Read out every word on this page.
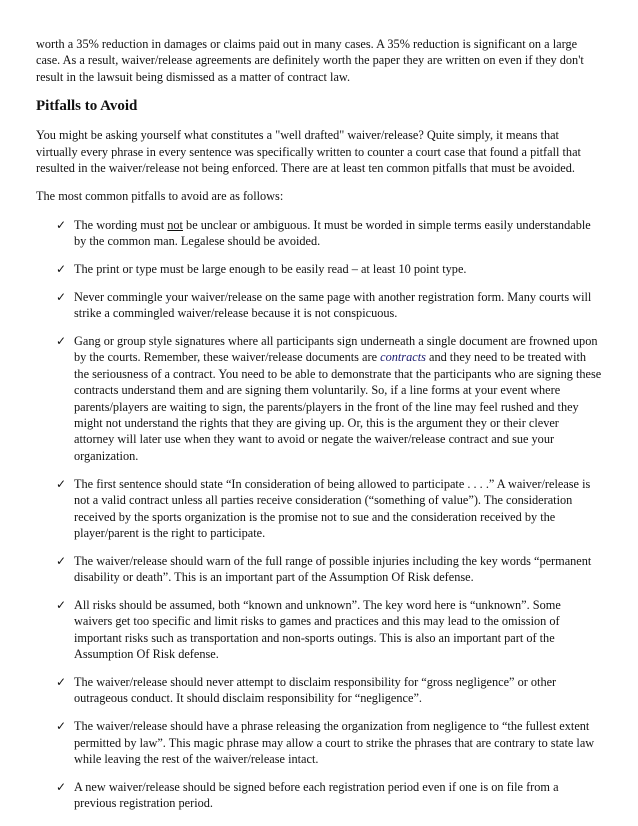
worth a 35% reduction in damages or claims paid out in many cases. A 35% reduction is significant on a large case. As a result, waiver/release agreements are definitely worth the paper they are written on even if they don't result in the lawsuit being dismissed as a matter of contract law.

Pitfalls to Avoid

You might be asking yourself what constitutes a "well drafted" waiver/release? Quite simply, it means that virtually every phrase in every sentence was specifically written to counter a court case that found a pitfall that resulted in the waiver/release not being enforced. There are at least ten common pitfalls that must be avoided.

The most common pitfalls to avoid are as follows:

✓ The wording must not be unclear or ambiguous. It must be worded in simple terms easily understandable by the common man. Legalese should be avoided.
✓ The print or type must be large enough to be easily read – at least 10 point type.
✓ Never commingle your waiver/release on the same page with another registration form. Many courts will strike a commingled waiver/release because it is not conspicuous.
✓ Gang or group style signatures where all participants sign underneath a single document are frowned upon by the courts. Remember, these waiver/release documents are contracts and they need to be treated with the seriousness of a contract. You need to be able to demonstrate that the participants who are signing these contracts understand them and are signing them voluntarily. So, if a line forms at your event where parents/players are waiting to sign, the parents/players in the front of the line may feel rushed and they might not understand the rights that they are giving up. Or, this is the argument they or their clever attorney will later use when they want to avoid or negate the waiver/release contract and sue your organization.
✓ The first sentence should state “In consideration of being allowed to participate . . . .” A waiver/release is not a valid contract unless all parties receive consideration (“something of value”). The consideration received by the sports organization is the promise not to sue and the consideration received by the player/parent is the right to participate.
✓ The waiver/release should warn of the full range of possible injuries including the key words “permanent disability or death”. This is an important part of the Assumption Of Risk defense.
✓ All risks should be assumed, both “known and unknown”. The key word here is “unknown”. Some waivers get too specific and limit risks to games and practices and this may lead to the omission of important risks such as transportation and non-sports outings. This is also an important part of the Assumption Of Risk defense.
✓ The waiver/release should never attempt to disclaim responsibility for “gross negligence” or other outrageous conduct. It should disclaim responsibility for “negligence”.
✓ The waiver/release should have a phrase releasing the organization from negligence to “the fullest extent permitted by law”. This magic phrase may allow a court to strike the phrases that are contrary to state law while leaving the rest of the waiver/release intact.
✓ A new waiver/release should be signed before each registration period even if one is on file from a previous registration period.
